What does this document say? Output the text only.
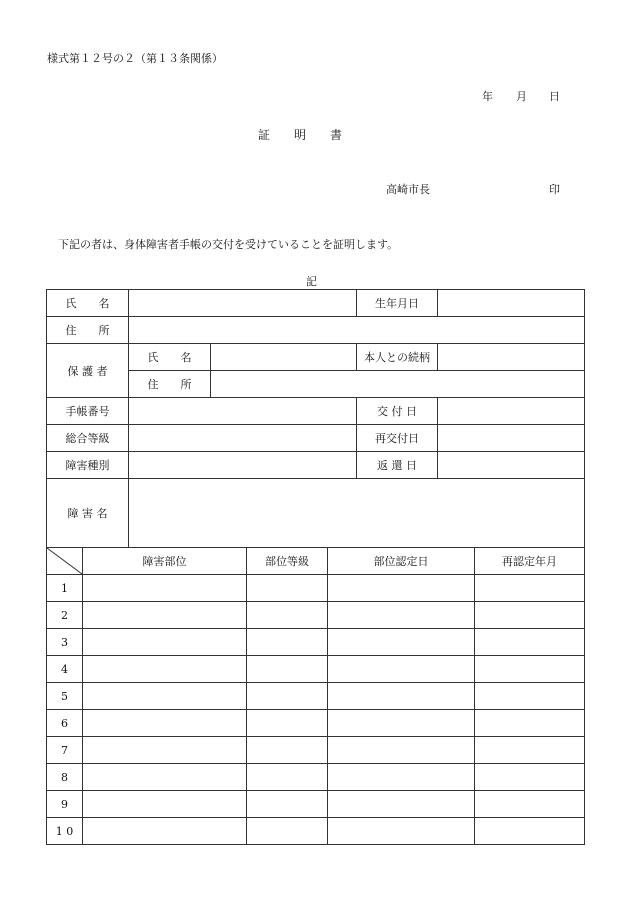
様式第１２号の２（第１３条関係）
年 月 日
証　　明　　書
高崎市長	印
下記の者は、身体障害者手帳の交付を受けていることを証明します。
記
氏　　名			生年月日	
住　　所				
保 護 者	氏　　名		本人との続柄	
	住　　所			
手帳番号			交 付 日	
総合等級			再交付日	
障害種別			返 還 日	
障 害 名				
	障害部位	部位等級	部位認定日	再認定年月
1				
2				
3				
4				
5				
6				
7				
8				
9				
1 0				
